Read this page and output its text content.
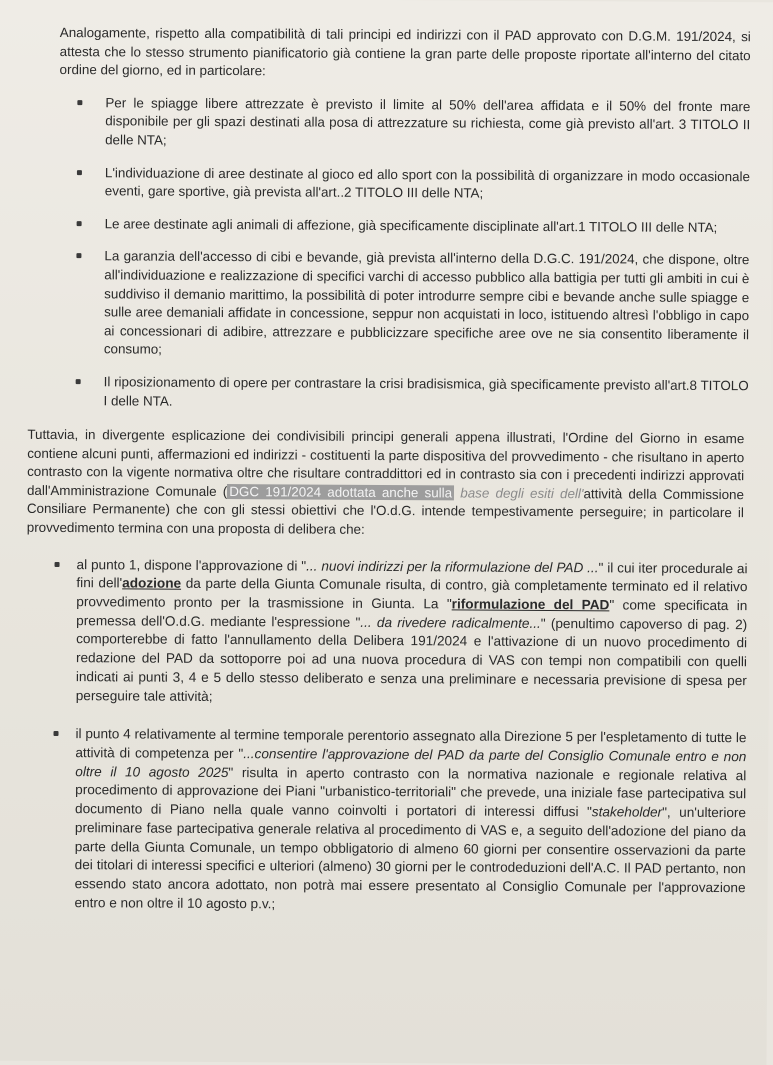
Analogamente, rispetto alla compatibilità di tali principi ed indirizzi con il PAD approvato con D.G.M. 191/2024, si attesta che lo stesso strumento pianificatorio già contiene la gran parte delle proposte riportate all'interno del citato ordine del giorno, ed in particolare:

Per le spiagge libere attrezzate è previsto il limite al 50% dell'area affidata e il 50% del fronte mare disponibile per gli spazi destinati alla posa di attrezzature su richiesta, come già previsto all'art. 3 TITOLO II delle NTA;
L'individuazione di aree destinate al gioco ed allo sport con la possibilità di organizzare in modo occasionale eventi, gare sportive, già prevista all'art..2 TITOLO III delle NTA;
Le aree destinate agli animali di affezione, già specificamente disciplinate all'art.1 TITOLO III delle NTA;
La garanzia dell'accesso di cibi e bevande, già prevista all'interno della D.G.C. 191/2024, che dispone, oltre all'individuazione e realizzazione di specifici varchi di accesso pubblico alla battigia per tutti gli ambiti in cui è suddiviso il demanio marittimo, la possibilità di poter introdurre sempre cibi e bevande anche sulle spiagge e sulle aree demaniali affidate in concessione, seppur non acquistati in loco, istituendo altresì l'obbligo in capo ai concessionari di adibire, attrezzare e pubblicizzare specifiche aree ove ne sia consentito liberamente il consumo;
Il riposizionamento di opere per contrastare la crisi bradisismica, già specificamente previsto all'art.8 TITOLO I delle NTA.

Tuttavia, in divergente esplicazione dei condivisibili principi generali appena illustrati, l'Ordine del Giorno in esame contiene alcuni punti, affermazioni ed indirizzi - costituenti la parte dispositiva del provvedimento - che risultano in aperto contrasto con la vigente normativa oltre che risultare contraddittori ed in contrasto sia con i precedenti indirizzi approvati dall'Amministrazione Comunale ( DGC 191/2024 adottata anche sulla base degli esiti dell'attività della Commissione Consiliare Permanente) che con gli stessi obiettivi che l'O.d.G. intende tempestivamente perseguire; in particolare il provvedimento termina con una proposta di delibera che:

al punto 1, dispone l'approvazione di "... nuovi indirizzi per la riformulazione del PAD ..." il cui iter procedurale ai fini dell'adozione da parte della Giunta Comunale risulta, di contro, già completamente terminato ed il relativo provvedimento pronto per la trasmissione in Giunta. La "riformulazione del PAD" come specificata in premessa dell'O.d.G. mediante l'espressione "... da rivedere radicalmente..." (penultimo capoverso di pag. 2) comporterebbe di fatto l'annullamento della Delibera 191/2024 e l'attivazione di un nuovo procedimento di redazione del PAD da sottoporre poi ad una nuova procedura di VAS con tempi non compatibili con quelli indicati ai punti 3, 4 e 5 dello stesso deliberato e senza una preliminare e necessaria previsione di spesa per perseguire tale attività;
il punto 4 relativamente al termine temporale perentorio assegnato alla Direzione 5 per l'espletamento di tutte le attività di competenza per "...consentire l'approvazione del PAD da parte del Consiglio Comunale entro e non oltre il 10 agosto 2025" risulta in aperto contrasto con la normativa nazionale e regionale relativa al procedimento di approvazione dei Piani "urbanistico-territoriali" che prevede, una iniziale fase partecipativa sul documento di Piano nella quale vanno coinvolti i portatori di interessi diffusi "stakeholder", un'ulteriore preliminare fase partecipativa generale relativa al procedimento di VAS e, a seguito dell'adozione del piano da parte della Giunta Comunale, un tempo obbligatorio di almeno 60 giorni per consentire osservazioni da parte dei titolari di interessi specifici e ulteriori (almeno) 30 giorni per le controdeduzioni dell'A.C. Il PAD pertanto, non essendo stato ancora adottato, non potrà mai essere presentato al Consiglio Comunale per l'approvazione entro e non oltre il 10 agosto p.v.;
